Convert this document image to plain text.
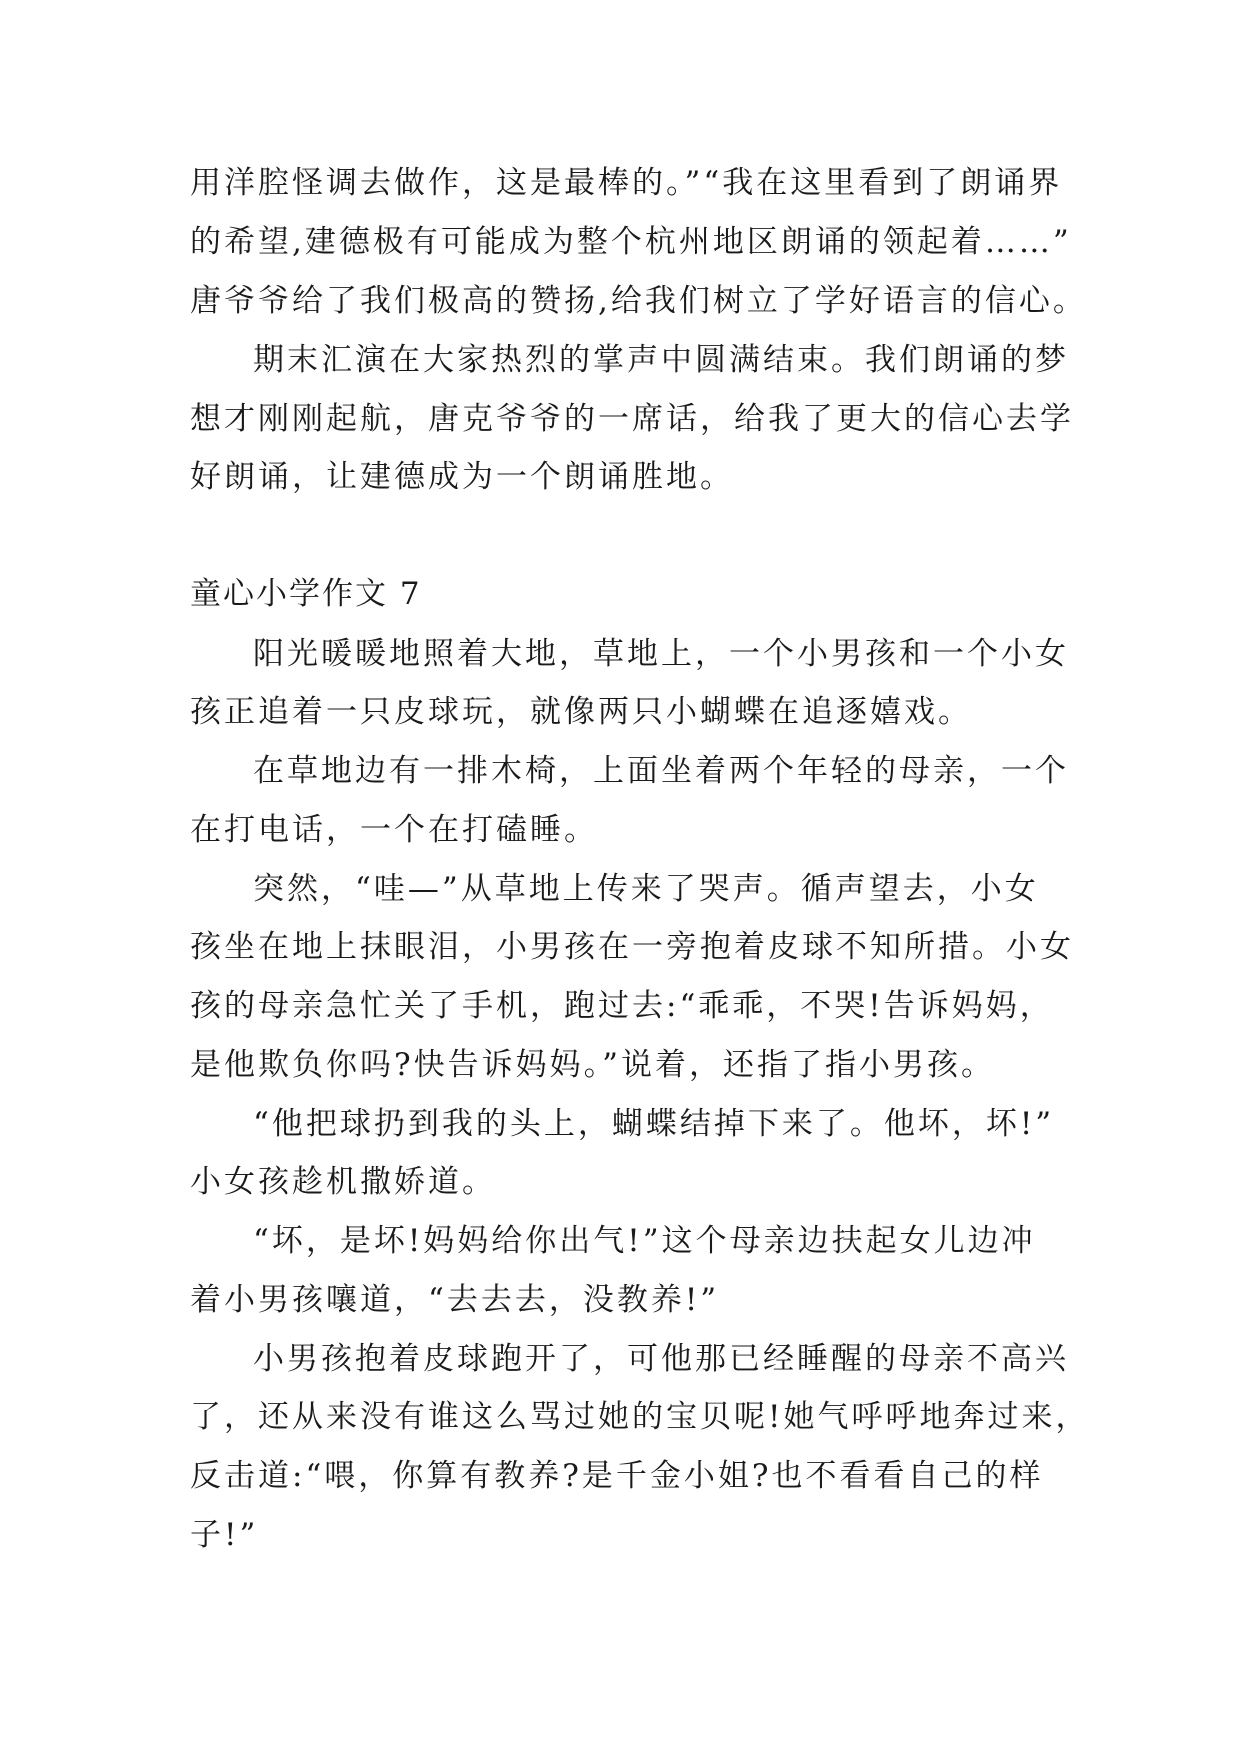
用洋腔怪调去做作，这是最棒的。”“我在这里看到了朗诵界
的希望,建德极有可能成为整个杭州地区朗诵的领起着……”
唐爷爷给了我们极高的赞扬,给我们树立了学好语言的信心。
期末汇演在大家热烈的掌声中圆满结束。我们朗诵的梦
想才刚刚起航，唐克爷爷的一席话，给我了更大的信心去学
好朗诵，让建德成为一个朗诵胜地。
童心小学作文 7
阳光暖暖地照着大地，草地上，一个小男孩和一个小女
孩正追着一只皮球玩，就像两只小蝴蝶在追逐嬉戏。
在草地边有一排木椅，上面坐着两个年轻的母亲，一个
在打电话，一个在打磕睡。
突然，“哇—”从草地上传来了哭声。循声望去，小女
孩坐在地上抹眼泪，小男孩在一旁抱着皮球不知所措。小女
孩的母亲急忙关了手机，跑过去:“乖乖，不哭!告诉妈妈，
是他欺负你吗?快告诉妈妈。”说着，还指了指小男孩。
“他把球扔到我的头上，蝴蝶结掉下来了。他坏，坏!”
小女孩趁机撒娇道。
“坏，是坏!妈妈给你出气!”这个母亲边扶起女儿边冲
着小男孩嚷道，“去去去，没教养!”
小男孩抱着皮球跑开了，可他那已经睡醒的母亲不高兴
了，还从来没有谁这么骂过她的宝贝呢!她气呼呼地奔过来，
反击道:“喂，你算有教养?是千金小姐?也不看看自己的样
子!”
